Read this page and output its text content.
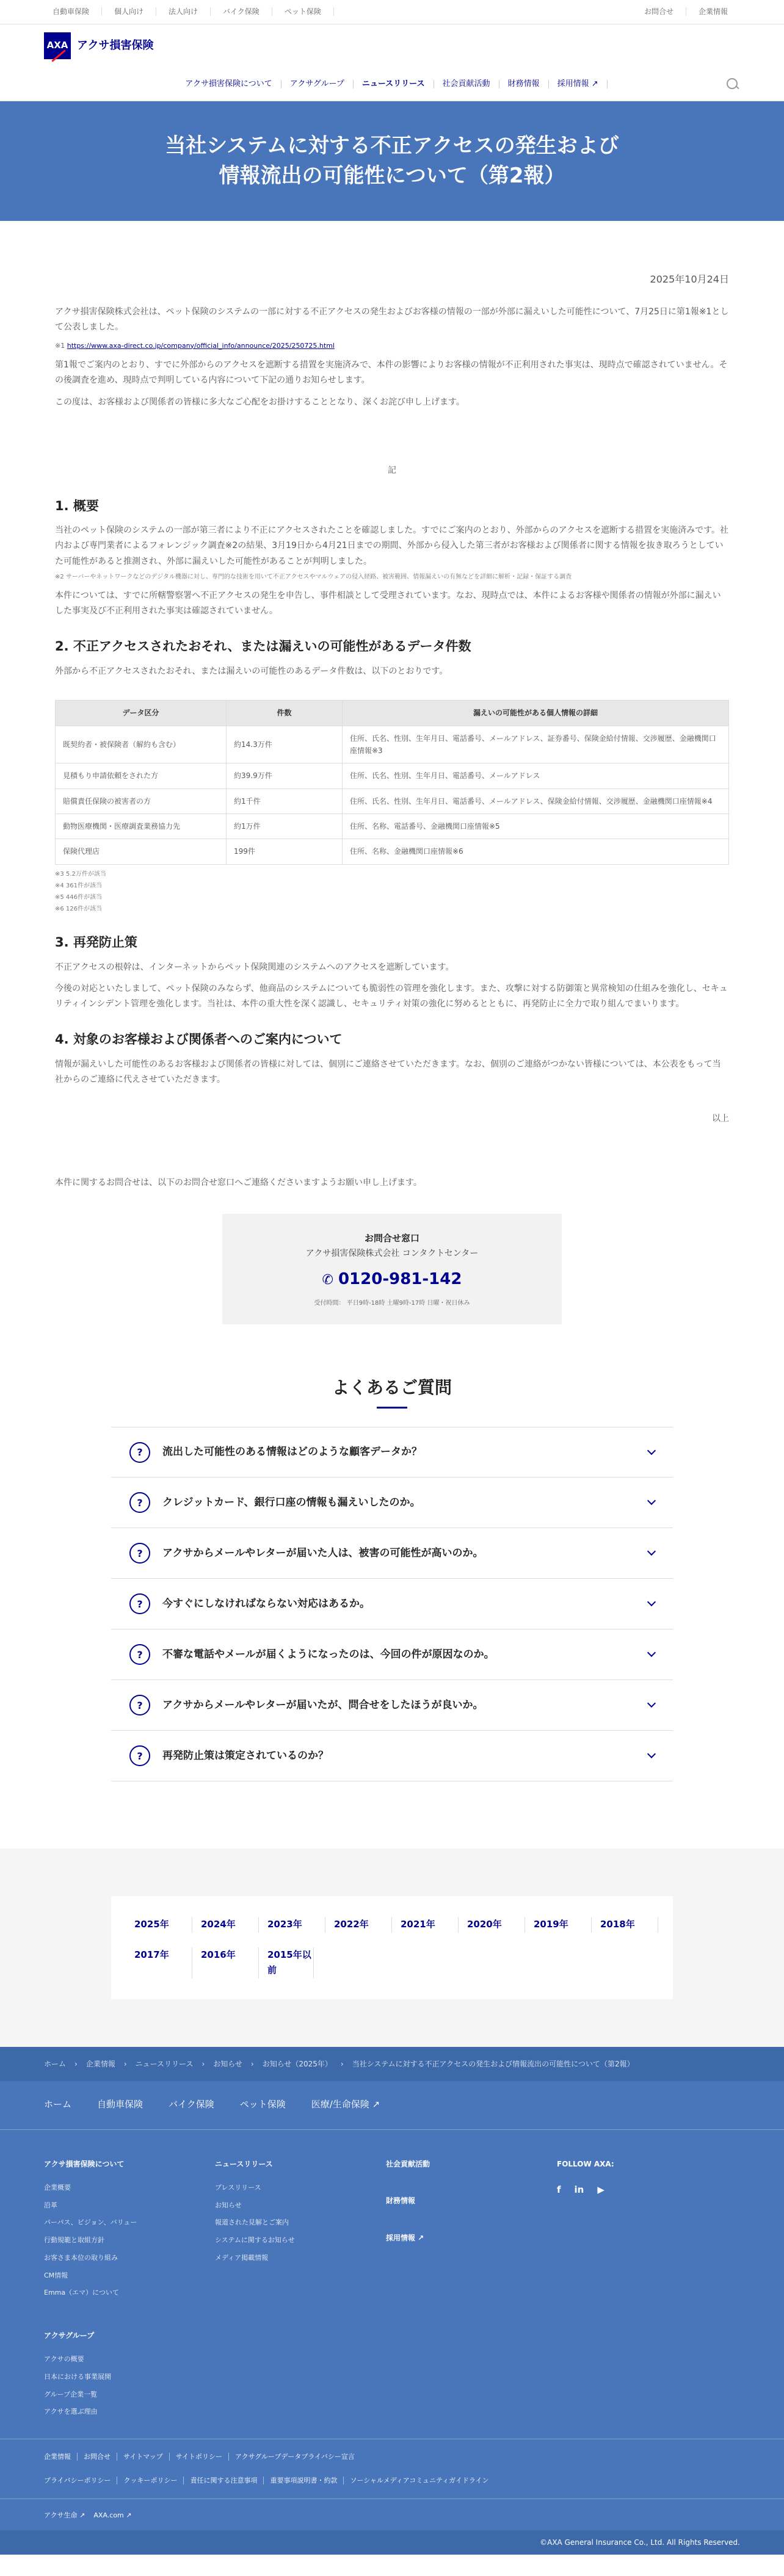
自動車保険	個人向け	法人向け	バイク保険	ペット保険	お問合せ	企業情報
AXA アクサ損害保険
アクサ損害保険について	アクサグループ	ニュースリリース	社会貢献活動	財務情報	採用情報 ↗
当社システムに対する不正アクセスの発生および
情報流出の可能性について（第2報）
2025年10月24日

アクサ損害保険株式会社は、ペット保険のシステムの一部に対する不正アクセスの発生およびお客様の情報の一部が外部に漏えいした可能性について、7月25日に第1報※1として公表しました。

※1 https://www.axa-direct.co.jp/company/official_info/announce/2025/250725.html

第1報でご案内のとおり、すでに外部からのアクセスを遮断する措置を実施済みで、本件の影響によりお客様の情報が不正利用された事実は、現時点で確認されていません。その後調査を進め、現時点で判明している内容について下記の通りお知らせします。

この度は、お客様および関係者の皆様に多大なご心配をお掛けすることとなり、深くお詫び申し上げます。

記
1. 概要

当社のペット保険のシステムの一部が第三者により不正にアクセスされたことを確認しました。すでにご案内のとおり、外部からのアクセスを遮断する措置を実施済みです。社内および専門業者によるフォレンジック調査※2の結果、3月19日から4月21日までの期間、外部から侵入した第三者がお客様および関係者に関する情報を抜き取ろうとしていた可能性があると推測され、外部に漏えいした可能性があることが判明しました。

※2 サーバーやネットワークなどのデジタル機器に対し、専門的な技術を用いて不正アクセスやマルウェアの侵入経路、被害範囲、情報漏えいの有無などを詳細に解析・記録・保証する調査

本件については、すでに所轄警察署へ不正アクセスの発生を申告し、事件相談として受理されています。なお、現時点では、本件によるお客様や関係者の情報が外部に漏えいした事実及び不正利用された事実は確認されていません。

2. 不正アクセスされたおそれ、または漏えいの可能性があるデータ件数

外部から不正アクセスされたおそれ、または漏えいの可能性のあるデータ件数は、以下のとおりです。

データ区分	件数	漏えいの可能性がある個人情報の詳細
既契約者・被保険者（解約も含む）	約14.3万件	住所、氏名、性別、生年月日、電話番号、メールアドレス、証券番号、保険金給付情報、交渉履歴、金融機関口座情報※3
見積もり申請依頼をされた方	約39.9万件	住所、氏名、性別、生年月日、電話番号、メールアドレス
賠償責任保険の被害者の方	約1千件	住所、氏名、性別、生年月日、電話番号、メールアドレス、保険金給付情報、交渉履歴、金融機関口座情報※4
動物医療機関・医療調査業務協力先	約1万件	住所、名称、電話番号、金融機関口座情報※5
保険代理店	199件	住所、名称、金融機関口座情報※6
※3 5.2万件が該当
※4 361件が該当
※5 446件が該当
※6 126件が該当
3. 再発防止策

不正アクセスの根幹は、インターネットからペット保険関連のシステムへのアクセスを遮断しています。

今後の対応といたしまして、ペット保険のみならず、他商品のシステムについても脆弱性の管理を強化します。また、攻撃に対する防御策と異常検知の仕組みを強化し、セキュリティインシデント管理を強化します。当社は、本件の重大性を深く認識し、セキュリティ対策の強化に努めるとともに、再発防止に全力で取り組んでまいります。

4. 対象のお客様および関係者へのご案内について

情報が漏えいした可能性のあるお客様および関係者の皆様に対しては、個別にご連絡させていただきます。なお、個別のご連絡がつかない皆様については、本公表をもって当社からのご連絡に代えさせていただきます。

以上

本件に関するお問合せは、以下のお問合せ窓口へご連絡くださいますようお願い申し上げます。

お問合せ窓口
アクサ損害保険株式会社 コンタクトセンター
✆ 0120-981-142
受付時間： 平日9時-18時 土曜9時-17時 日曜・祝日休み
よくあるご質問
?	流出した可能性のある情報はどのような顧客データか？
?	クレジットカード、銀行口座の情報も漏えいしたのか。
?	アクサからメールやレターが届いた人は、被害の可能性が高いのか。
?	今すぐにしなければならない対応はあるか。
?	不審な電話やメールが届くようになったのは、今回の件が原因なのか。
?	アクサからメールやレターが届いたが、問合せをしたほうが良いか。
?	再発防止策は策定されているのか？
2025年	2024年	2023年	2022年	2021年	2020年	2019年	2018年
2017年	2016年	2015年以前
ホーム › 企業情報 › ニュースリリース › お知らせ › お知らせ（2025年） › 当社システムに対する不正アクセスの発生および情報流出の可能性について（第2報）
ホーム	自動車保険	バイク保険	ペット保険	医療/生命保険 ↗
アクサ損害保険について
企業概要
沿革
パーパス、ビジョン、バリュー
行動規範と取組方針
お客さま本位の取り組み
CM情報
Emma（エマ）について
アクサグループ
アクサの概要
日本における事業展開
グループ企業一覧
アクサを選ぶ理由
ニュースリリース
プレスリリース
お知らせ
報道された見解とご案内
システムに関するお知らせ
メディア掲載情報
社会貢献活動
財務情報
採用情報 ↗
FOLLOW AXA:
f in ▶
企業情報 お問合せ サイトマップ サイトポリシー アクサグループデータプライバシー宣言
プライバシーポリシー クッキーポリシー 責任に関する注意事項 重要事項説明書・約款 ソーシャルメディアコミュニティガイドライン
アクサ生命 ↗ AXA.com ↗
©AXA General Insurance Co., Ltd. All Rights Reserved.
